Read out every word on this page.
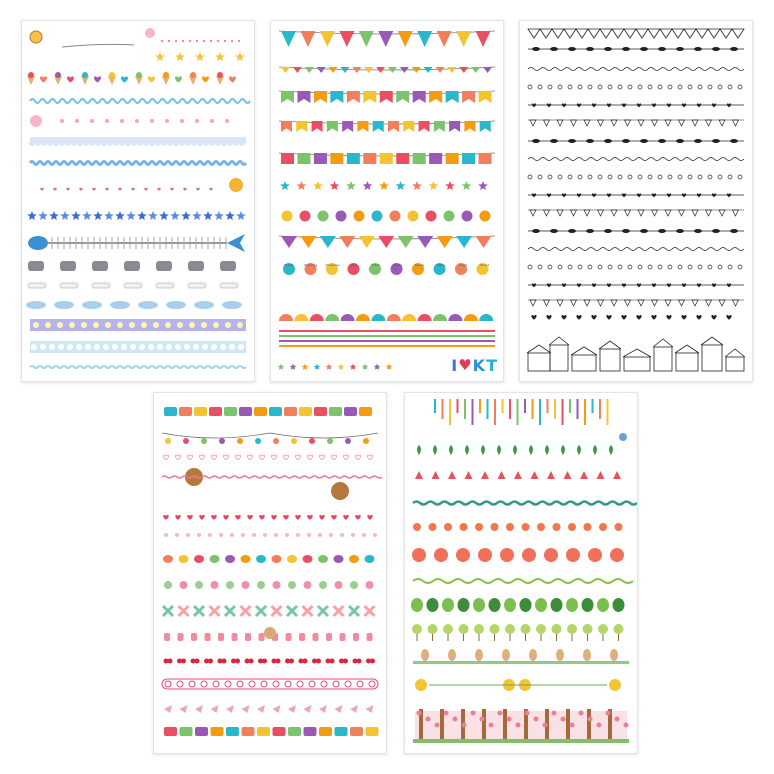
Prelite	Freening	Character	Web	Flash	Preita	Dance	Water	Plant	Board
I ♥ K T
